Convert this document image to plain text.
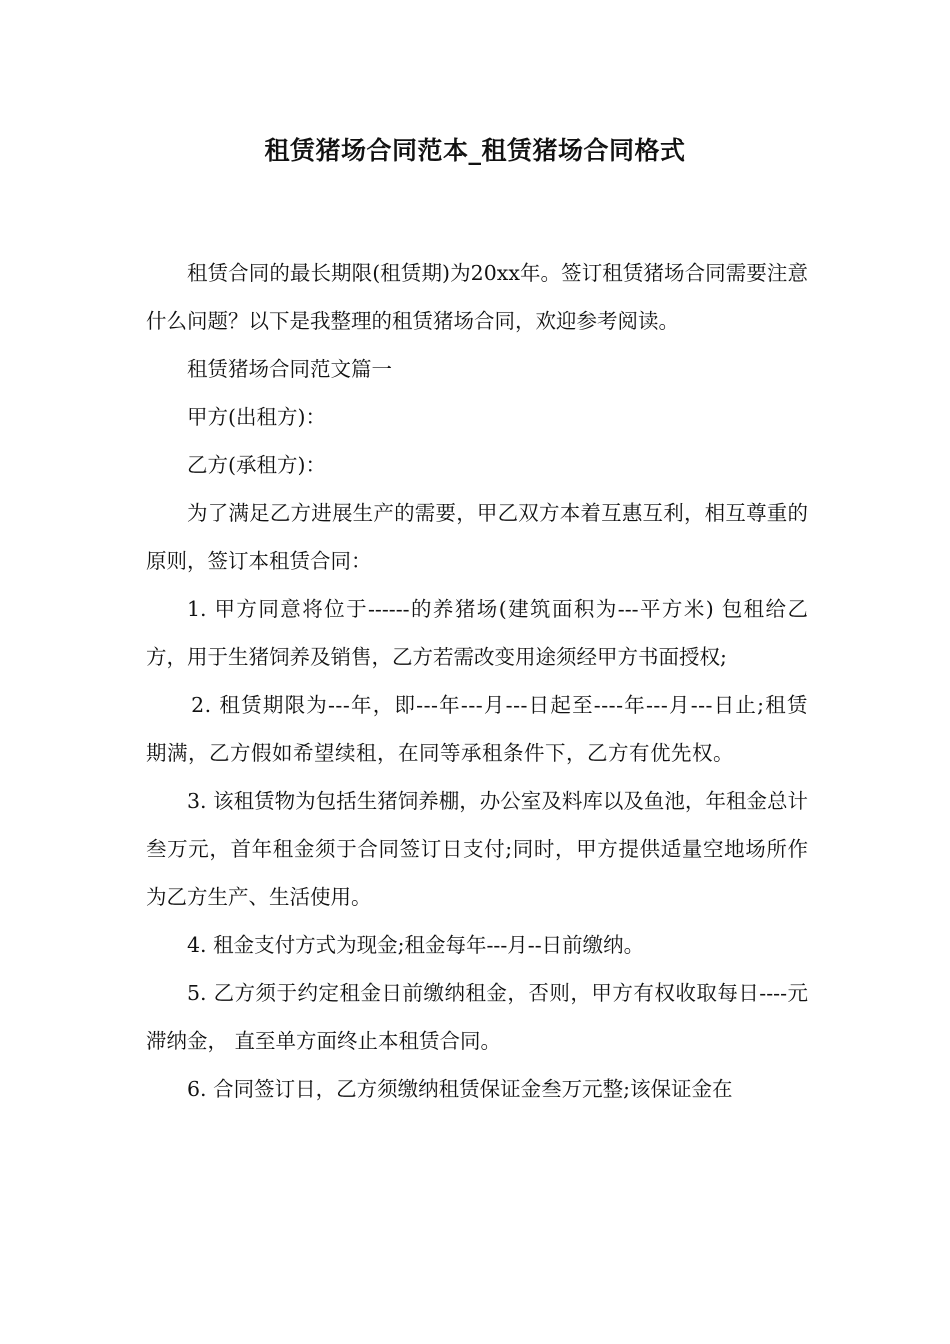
租赁猪场合同范本_租赁猪场合同格式

租赁合同的最长期限(租赁期)为20xx年。签订租赁猪场合同需要注意什么问题？以下是我整理的租赁猪场合同，欢迎参考阅读。

租赁猪场合同范文篇一

甲方(出租方)：

乙方(承租方)：

为了满足乙方进展生产的需要，甲乙双方本着互惠互利，相互尊重的原则，签订本租赁合同：

1. 甲方同意将位于------的养猪场(建筑面积为---平方米) 包租给乙方，用于生猪饲养及销售，乙方若需改变用途须经甲方书面授权;

2. 租赁期限为---年，即---年---月---日起至----年---月---日止;租赁期满，乙方假如希望续租，在同等承租条件下，乙方有优先权。

3. 该租赁物为包括生猪饲养棚，办公室及料库以及鱼池，年租金总计叁万元，首年租金须于合同签订日支付;同时，甲方提供适量空地场所作为乙方生产、生活使用。

4. 租金支付方式为现金;租金每年---月--日前缴纳。

5. 乙方须于约定租金日前缴纳租金，否则，甲方有权收取每日----元滞纳金， 直至单方面终止本租赁合同。

6. 合同签订日，乙方须缴纳租赁保证金叁万元整;该保证金在
